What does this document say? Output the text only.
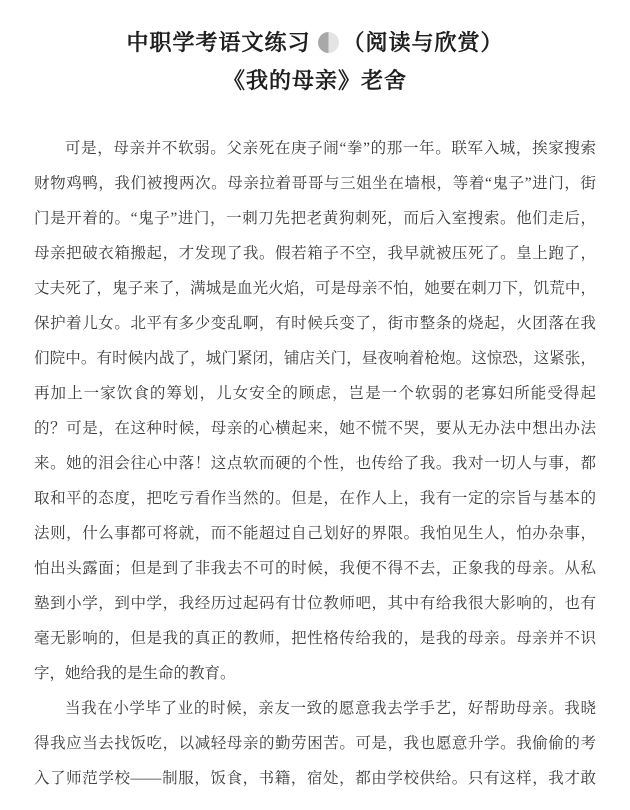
中职学考语文练习 （阅读与欣赏）
《我的母亲》老舍
可是，母亲并不软弱。父亲死在庚子闹“拳”的那一年。联军入城，挨家搜索
财物鸡鸭，我们被搜两次。母亲拉着哥哥与三姐坐在墙根，等着“鬼子”进门，街
门是开着的。“鬼子”进门，一刺刀先把老黄狗刺死，而后入室搜索。他们走后，
母亲把破衣箱搬起，才发现了我。假若箱子不空，我早就被压死了。皇上跑了，
丈夫死了，鬼子来了，满城是血光火焰，可是母亲不怕，她要在刺刀下，饥荒中，
保护着儿女。北平有多少变乱啊，有时候兵变了，街市整条的烧起，火团落在我
们院中。有时候内战了，城门紧闭，铺店关门，昼夜响着枪炮。这惊恐，这紧张，
再加上一家饮食的筹划，儿女安全的顾虑，岂是一个软弱的老寡妇所能受得起
的？可是，在这种时候，母亲的心横起来，她不慌不哭，要从无办法中想出办法
来。她的泪会往心中落！这点软而硬的个性，也传给了我。我对一切人与事，都
取和平的态度，把吃亏看作当然的。但是，在作人上，我有一定的宗旨与基本的
法则，什么事都可将就，而不能超过自己划好的界限。我怕见生人，怕办杂事，
怕出头露面；但是到了非我去不可的时候，我便不得不去，正象我的母亲。从私
塾到小学，到中学，我经历过起码有廿位教师吧，其中有给我很大影响的，也有
毫无影响的，但是我的真正的教师，把性格传给我的，是我的母亲。母亲并不识
字，她给我的是生命的教育。
当我在小学毕了业的时候，亲友一致的愿意我去学手艺，好帮助母亲。我晓
得我应当去找饭吃，以减轻母亲的勤劳困苦。可是，我也愿意升学。我偷偷的考
入了师范学校——制服，饭食，书籍，宿处，都由学校供给。只有这样，我才敢
